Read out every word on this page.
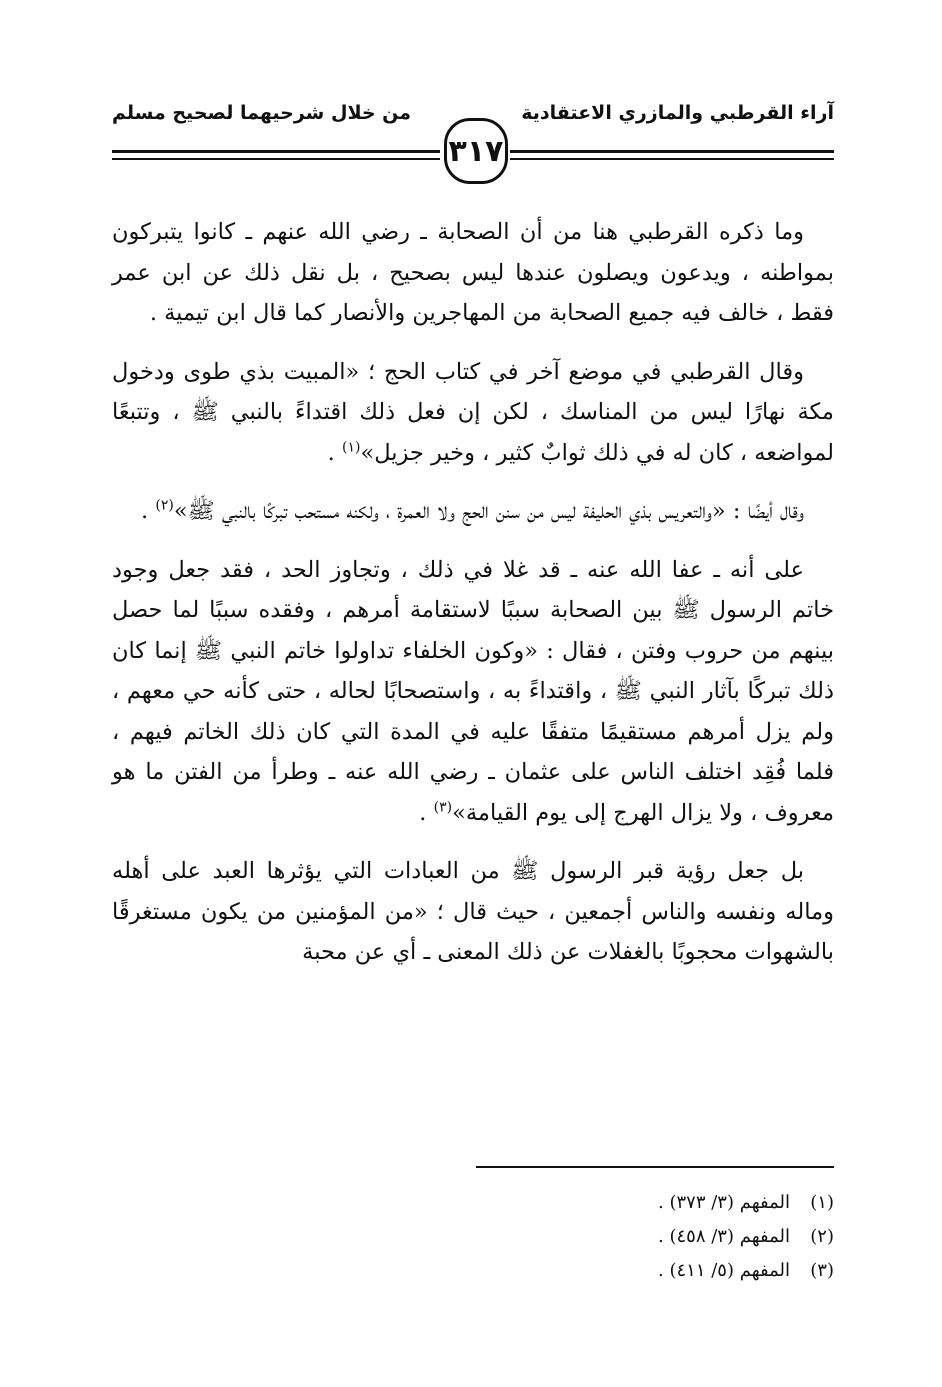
آراء القرطبي والمازري الاعتقادية
من خلال شرحيهما لصحيح مسلم
٣١٧

وما ذكره القرطبي هنا من أن الصحابة ـ رضي الله عنهم ـ كانوا يتبركون بمواطنه ، ويدعون ويصلون عندها ليس بصحيح ، بل نقل ذلك عن ابن عمر فقط ، خالف فيه جميع الصحابة من المهاجرين والأنصار كما قال ابن تيمية .

وقال القرطبي في موضع آخر في كتاب الحج ؛ «المبيت بذي طوى ودخول مكة نهارًا ليس من المناسك ، لكن إن فعل ذلك اقتداءً بالنبي ﷺ ، وتتبعًا لمواضعه ، كان له في ذلك ثوابٌ كثير ، وخير جزيل»$^{(١)}$ .

وقال أيضًا : «والتعريس بذي الحليفة ليس من سنن الحج ولا العمرة ، ولكنه مستحب تبركًا بالنبي ﷺ»$^{(٢)}$ .

على أنه ـ عفا الله عنه ـ قد غلا في ذلك ، وتجاوز الحد ، فقد جعل وجود خاتم الرسول ﷺ بين الصحابة سببًا لاستقامة أمرهم ، وفقده سببًا لما حصل بينهم من حروب وفتن ، فقال : «وكون الخلفاء تداولوا خاتم النبي ﷺ إنما كان ذلك تبركًا بآثار النبي ﷺ ، واقتداءً به ، واستصحابًا لحاله ، حتى كأنه حي معهم ، ولم يزل أمرهم مستقيمًا متفقًا عليه في المدة التي كان ذلك الخاتم فيهم ، فلما فُقِد اختلف الناس على عثمان ـ رضي الله عنه ـ وطرأ من الفتن ما هو معروف ، ولا يزال الهرج إلى يوم القيامة»$^{(٣)}$ .

بل جعل رؤية قبر الرسول ﷺ من العبادات التي يؤثرها العبد على أهله وماله ونفسه والناس أجمعين ، حيث قال ؛ «من المؤمنين من يكون مستغرقًا بالشهوات محجوبًا بالغفلات عن ذلك المعنى ـ أي عن محبة

(١)المفهم (٣/ ٣٧٣) .
(٢)المفهم (٣/ ٤٥٨) .
(٣)المفهم (٥/ ٤١١) .
